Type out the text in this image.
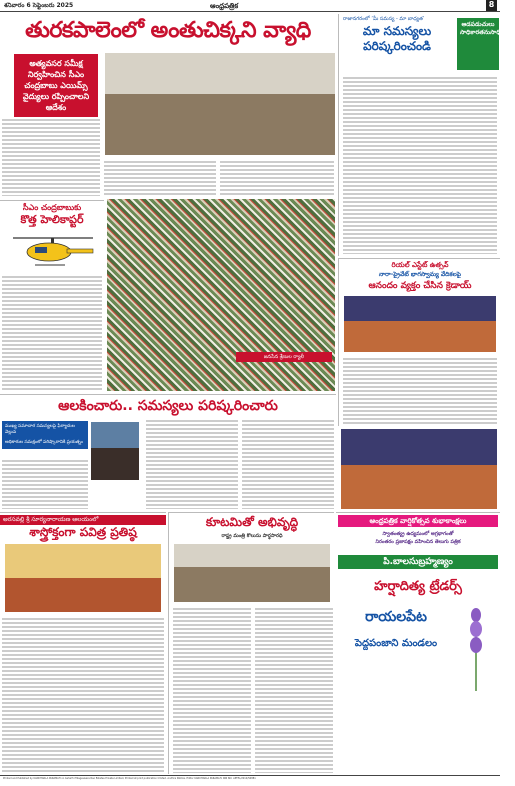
శనివారం 6 సెప్టెంబరు 2025	ఆంధ్రపత్రిక	8
తురకపాలెంలో అంతుచిక్కని వ్యాధి
అత్యవసర సమీక్ష నిర్వహించిన సీఎం చంద్రబాబు ఎయిమ్స్‌ వైద్యులు రప్పించాలని ఆదేశం
రాజానగరంలో ‘మీ సమస్య - మా బాధ్యత’
మా సమస్యలు పరిష్కరించండి
ఆడపడుచులు సాధికారతనుసాధించాలి
సీఎం చంద్రబాబుకు
కొత్త హెలికాప్టర్‌
జనసేన శ్రేణుల ర్యాలీ
రియల్‌ ఎస్టేట్‌ ఉత్సవ్
నారా-ప్రైవేట్‌ భాగస్వామ్య వేదికలపై
ఆనందం వ్యక్తం చేసిన క్రెడాయ్‌
ఆలకించారు.. సమస్యలు పరిష్కరించారు
ముఖ్య సమాచార సమస్యలపై ఫిర్యాదుల వెల్లువ
అధికారుల సమక్షంలో పరిష్కారానికి ప్రయత్నం
అరసవల్లి శ్రీ సూర్యనారాయణ ఆలయంలో
శాస్త్రోక్తంగా పవిత్ర ప్రతిష్ఠ
కూటమితో అభివృద్ధి
రాష్ట్ర మంత్రి కొలుసు పార్థసారధి
ఆంధ్రపత్రిక వార్షికోత్సవ శుభాకాంక్షలు
స్వాతంత్య్ర ఉద్యమంలో అగ్రభాగంతో
నిరంతరం ప్రజాపక్షం వహించిన తెలుగు పత్రిక
పి.బాలసుబ్రహ్మణ్యం
హర్షాదిత్య ట్రేడర్స్‌
రాయలపేట
పెద్దపంజాని మండలం
Printed and Published by KANCHARLA PARAMAH on behalf of Nageswara Rao Estates Private Limited, Printed at print publication limited. Andhra Patrika. Editor KANCHARLA PARAMAH. RNI NO: APTEL/2014/56881
